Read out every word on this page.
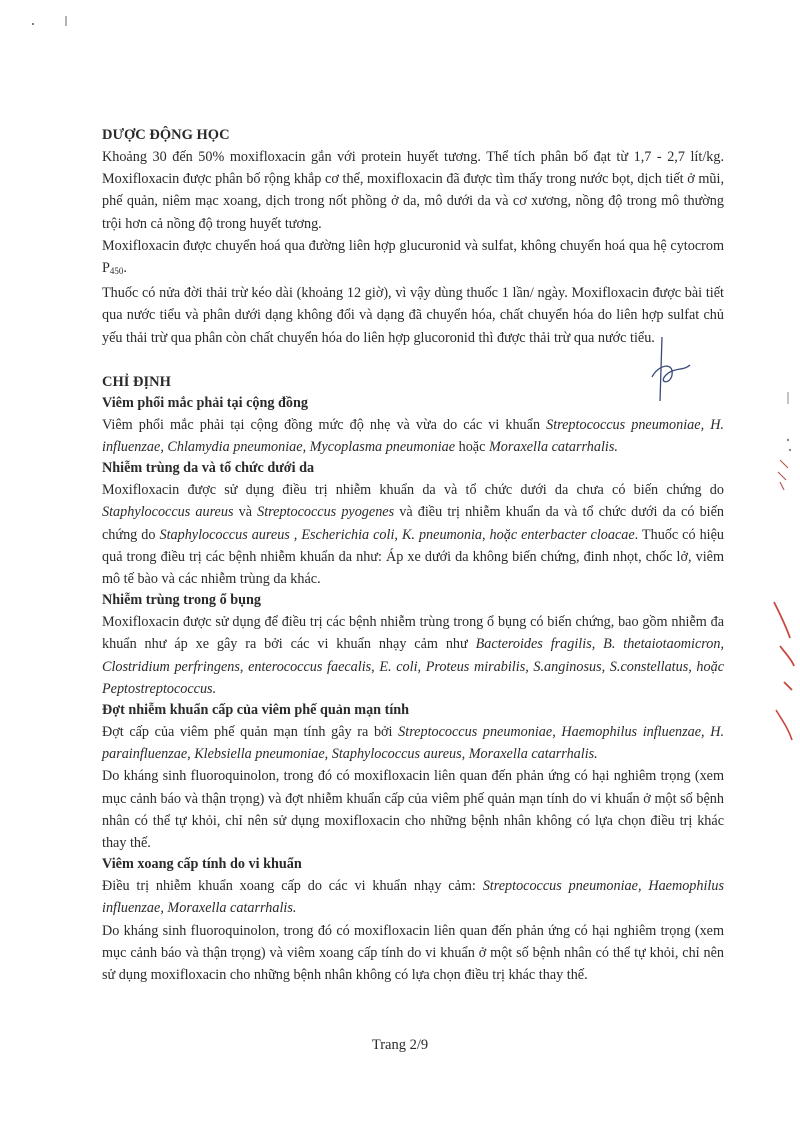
DƯỢC ĐỘNG HỌC

Khoảng 30 đến 50% moxifloxacin gắn với protein huyết tương. Thể tích phân bố đạt từ 1,7 - 2,7 lít/kg. Moxifloxacin được phân bố rộng khắp cơ thể, moxifloxacin đã được tìm thấy trong nước bọt, dịch tiết ở mũi, phế quản, niêm mạc xoang, dịch trong nốt phồng ở da, mô dưới da và cơ xương, nồng độ trong mô thường trội hơn cả nồng độ trong huyết tương.

Moxifloxacin được chuyển hoá qua đường liên hợp glucuronid và sulfat, không chuyển hoá qua hệ cytocrom $P_{450}$.

Thuốc có nửa đời thải trừ kéo dài (khoảng 12 giờ), vì vậy dùng thuốc 1 lần/ ngày. Moxifloxacin được bài tiết qua nước tiểu và phân dưới dạng không đổi và dạng đã chuyển hóa, chất chuyển hóa do liên hợp sulfat chủ yếu thải trừ qua phân còn chất chuyển hóa do liên hợp glucoronid thì được thải trừ qua nước tiểu.

CHỈ ĐỊNH
Viêm phổi mắc phải tại cộng đồng

Viêm phổi mắc phải tại cộng đồng mức độ nhẹ và vừa do các vi khuẩn Streptococcus pneumoniae, H. influenzae, Chlamydia pneumoniae, Mycoplasma pneumoniae hoặc Moraxella catarrhalis.

Nhiễm trùng da và tổ chức dưới da

Moxifloxacin được sử dụng điều trị nhiễm khuẩn da và tổ chức dưới da chưa có biến chứng do Staphylococcus aureus và Streptococcus pyogenes và điều trị nhiễm khuẩn da và tổ chức dưới da có biến chứng do Staphylococcus aureus , Escherichia coli, K. pneumonia, hoặc enterbacter cloacae. Thuốc có hiệu quả trong điều trị các bệnh nhiễm khuẩn da như: Áp xe dưới da không biến chứng, đinh nhọt, chốc lở, viêm mô tế bào và các nhiễm trùng da khác.

Nhiễm trùng trong ổ bụng

Moxifloxacin được sử dụng để điều trị các bệnh nhiễm trùng trong ổ bụng có biến chứng, bao gồm nhiễm đa khuẩn như áp xe gây ra bởi các vi khuẩn nhạy cảm như Bacteroides fragilis, B. thetaiotaomicron, Clostridium perfringens, enterococcus faecalis, E. coli, Proteus mirabilis, S.anginosus, S.constellatus, hoặc Peptostreptococcus.

Đợt nhiễm khuẩn cấp của viêm phế quản mạn tính

Đợt cấp của viêm phế quản mạn tính gây ra bởi Streptococcus pneumoniae, Haemophilus influenzae, H. parainfluenzae, Klebsiella pneumoniae, Staphylococcus aureus, Moraxella catarrhalis.

Do kháng sinh fluoroquinolon, trong đó có moxifloxacin liên quan đến phản ứng có hại nghiêm trọng (xem mục cảnh báo và thận trọng) và đợt nhiễm khuẩn cấp của viêm phế quản mạn tính do vi khuẩn ở một số bệnh nhân có thể tự khỏi, chỉ nên sử dụng moxifloxacin cho những bệnh nhân không có lựa chọn điều trị khác thay thế.

Viêm xoang cấp tính do vi khuẩn

Điều trị nhiễm khuẩn xoang cấp do các vi khuẩn nhạy cảm: Streptococcus pneumoniae, Haemophilus influenzae, Moraxella catarrhalis.

Do kháng sinh fluoroquinolon, trong đó có moxifloxacin liên quan đến phản ứng có hại nghiêm trọng (xem mục cảnh báo và thận trọng) và viêm xoang cấp tính do vi khuẩn ở một số bệnh nhân có thể tự khỏi, chỉ nên sử dụng moxifloxacin cho những bệnh nhân không có lựa chọn điều trị khác thay thế.

Trang 2/9
